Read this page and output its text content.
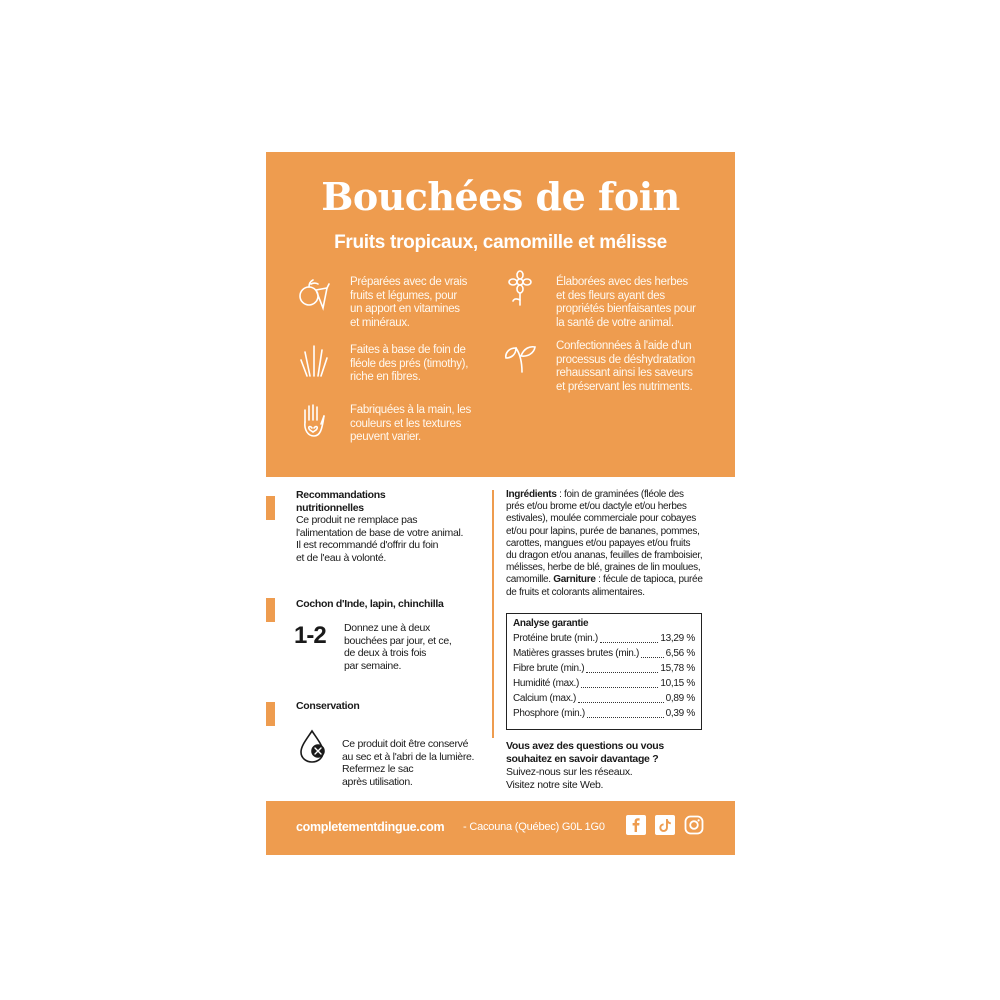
Bouchées de foin
Fruits tropicaux, camomille et mélisse
Préparées avec de vrais
fruits et légumes, pour
un apport en vitamines
et minéraux.
Élaborées avec des herbes
et des fleurs ayant des
propriétés bienfaisantes pour
la santé de votre animal.
Faites à base de foin de
fléole des prés (timothy),
riche en fibres.
Confectionnées à l'aide d'un
processus de déshydratation
rehaussant ainsi les saveurs
et préservant les nutriments.
Fabriquées à la main, les
couleurs et les textures
peuvent varier.
Recommandations
nutritionnelles
Ce produit ne remplace pas
l'alimentation de base de votre animal.
Il est recommandé d'offrir du foin
et de l'eau à volonté.
Cochon d'Inde, lapin, chinchilla
1-2 Donnez une à deux
bouchées par jour, et ce,
de deux à trois fois
par semaine.
Conservation
Ce produit doit être conservé
au sec et à l'abri de la lumière.
Refermez le sac
après utilisation.
Ingrédients : foin de graminées (fléole des
prés et/ou brome et/ou dactyle et/ou herbes
estivales), moulée commerciale pour cobayes
et/ou pour lapins, purée de bananes, pommes,
carottes, mangues et/ou papayes et/ou fruits
du dragon et/ou ananas, feuilles de framboisier,
mélisses, herbe de blé, graines de lin moulues,
camomille. Garniture : fécule de tapioca, purée
de fruits et colorants alimentaires.
Analyse garantie
Protéine brute (min.)	13,29 %
Matières grasses brutes (min.)	6,56 %
Fibre brute (min.)	15,78 %
Humidité (max.)	10,15 %
Calcium (max.)	0,89 %
Phosphore (min.)	0,39 %
Vous avez des questions ou vous
souhaitez en savoir davantage ?
Suivez-nous sur les réseaux.
Visitez notre site Web.
completementdingue.com - Cacouna (Québec) G0L 1G0
